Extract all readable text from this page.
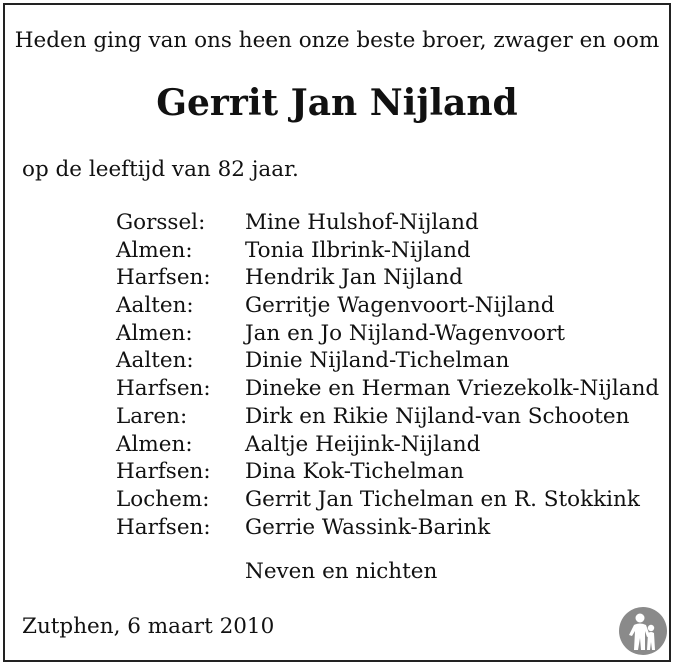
Heden ging van ons heen onze beste broer, zwager en oom
Gerrit Jan Nijland
op de leeftijd van 82 jaar.
Gorssel: Mine Hulshof-Nijland
Almen: Tonia Ilbrink-Nijland
Harfsen: Hendrik Jan Nijland
Aalten: Gerritje Wagenvoort-Nijland
Almen: Jan en Jo Nijland-Wagenvoort
Aalten: Dinie Nijland-Tichelman
Harfsen: Dineke en Herman Vriezekolk-Nijland
Laren:	Dirk en Rikie Nijland-van Schooten
Almen: Aaltje Heijink-Nijland
Harfsen: Dina Kok-Tichelman
Lochem: Gerrit Jan Tichelman en R. Stokkink
Harfsen: Gerrie Wassink-Barink
Neven en nichten
Zutphen, 6 maart 2010
